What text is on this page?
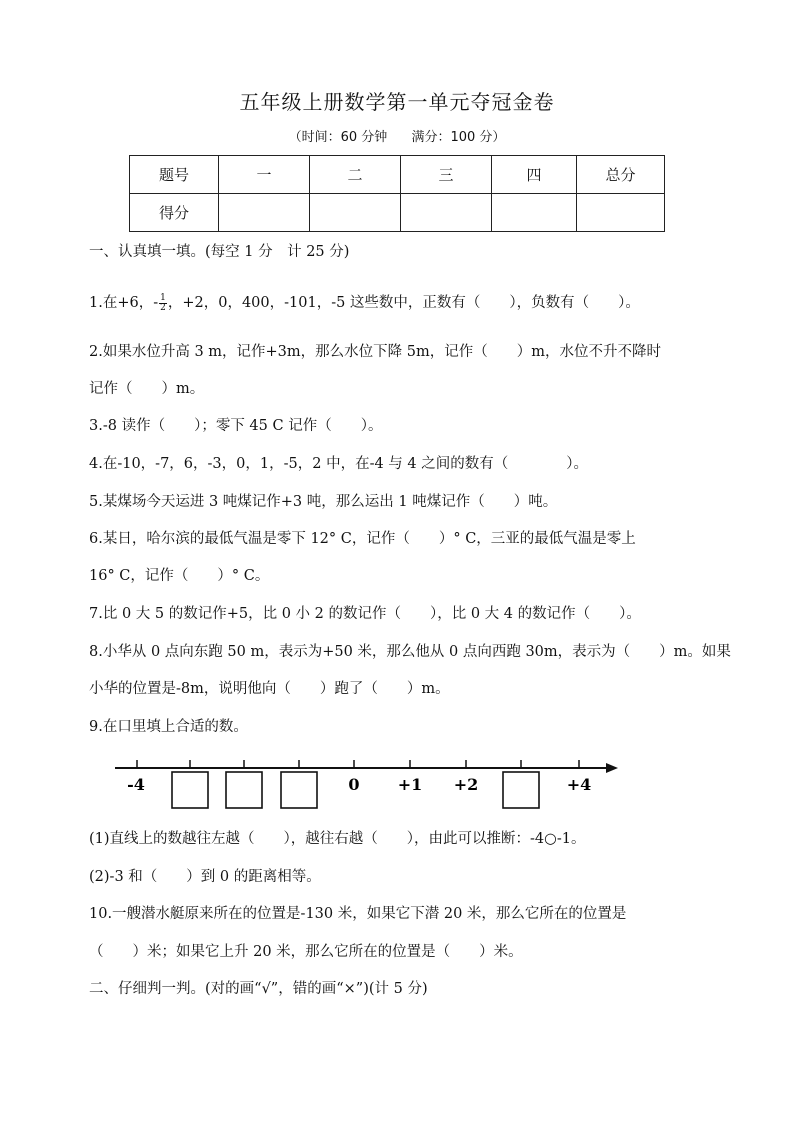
五年级上册数学第一单元夺冠金卷
（时间：60 分钟 满分：100 分）
题号	一	二	三	四	总分
得分					
一、认真填一填。(每空 1 分　计 25 分)
1.在+6，- $\frac{1}{2}$ ，+2，0，400，-101，-5 这些数中，正数有（　　），负数有（　　）。
2.如果水位升高 3 m，记作+3m，那么水位下降 5m，记作（　　）m，水位不升不降时
记作（　　）m。
3.-8 读作（　　）；零下 45 C 记作（　　）。
4.在-10，-7，6，-3，0，1，-5，2 中，在-4 与 4 之间的数有（　　　　）。
5.某煤场今天运进 3 吨煤记作+3 吨，那么运出 1 吨煤记作（　　）吨。
6.某日，哈尔滨的最低气温是零下 12° C，记作（　　）° C，三亚的最低气温是零上
16° C，记作（　　）° C。
7.比 0 大 5 的数记作+5，比 0 小 2 的数记作（　　），比 0 大 4 的数记作（　　）。
8.小华从 0 点向东跑 50 m，表示为+50 米，那么他从 0 点向西跑 30m，表示为（　　）m。如果
小华的位置是-8m，说明他向（　　）跑了（　　）m。
9.在口里填上合适的数。
-4	0 +1 +2	+4
(1)直线上的数越往左越（　　），越往右越（　　），由此可以推断：-4○-1。
(2)-3 和（　　）到 0 的距离相等。
10.一艘潜水艇原来所在的位置是-130 米，如果它下潜 20 米，那么它所在的位置是
（　　）米；如果它上升 20 米，那么它所在的位置是（　　）米。
二、仔细判一判。(对的画“√”，错的画“×”)(计 5 分)
